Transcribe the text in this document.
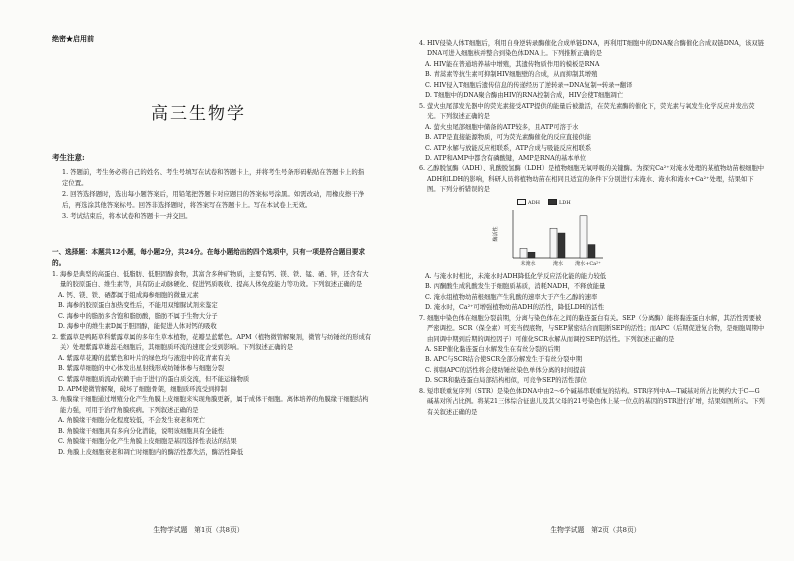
绝密★启用前
高三生物学
考生注意:

1. 答题前，考生务必将自己的姓名、考生号填写在试卷和答题卡上，并将考生号条形码粘贴在答题卡上的指定位置。

2. 回答选择题时，选出每小题答案后，用铅笔把答题卡对应题目的答案标号涂黑。如需改动，用橡皮擦干净后，再选涂其他答案标号。回答非选择题时，将答案写在答题卡上。写在本试卷上无效。

3. 考试结束后，将本试卷和答题卡一并交回。

一、选择题：本题共12小题，每小题2分，共24分。在每小题给出的四个选项中，只有一项是符合题目要求的。

1. 海参是典型的高蛋白、低脂肪、低胆固醇食物，其富含多种矿物质，主要有钙、镁、铁、锰、硒、锌，还含有大量的胶原蛋白、维生素等，具有防止动脉硬化、促进钙质吸收、提高人体免疫能力等功效。下列叙述正确的是

A. 钙、镁、铁、硒都属于组成海参细胞的微量元素

B. 海参的胶原蛋白加热变性后，不能用双缩脲试剂来鉴定

C. 海参中的脂肪多含饱和脂肪酸，脂肪不属于生物大分子

D. 海参中的维生素D属于胆固醇，能促进人体对钙的吸收

2. 紫露草是鸭跖草科紫露草属的多年生草本植物，花瓣呈蓝紫色。APM（植物微管解聚剂，微管与纺锤丝的形成有关）处理紫露草雄蕊毛细胞后，其细胞质环流的速度会受到影响。下列叙述正确的是

A. 紫露草花瓣的蓝紫色和叶片的绿色均与液泡中的花青素有关

B. 紫露草细胞的中心体发出星射线形成纺锤体参与细胞分裂

C. 紫露草细胞质流动依赖于由于进行的蛋白质交流，但不能运输物质

D. APM使微管解聚，破坏了细胞骨架，细胞质环流受到抑制

3. 角膜缘干细胞通过增殖分化产生角膜上皮细胞来实现角膜更新，属于成体干细胞。离体培养的角膜缘干细胞结构能力强，可用于治疗角膜疾病。下列叙述正确的是

A. 角膜缘干细胞分化程度较低，不会发生衰老和死亡

B. 角膜缘干细胞具有多向分化潜能，说明该细胞具有全能性

C. 角膜缘干细胞分化产生角膜上皮细胞是基因选择性表达的结果

D. 角膜上皮细胞衰老和凋亡时细胞内的酶活性都失活，酶活性降低

生物学试题　第1页（共8页）

4. HIV侵染人体T细胞后，利用自身逆转录酶催化合成单链DNA，再利用T细胞中的DNA聚合酶催化合成双链DNA，该双链DNA可进入细胞核并整合到染色体DNA上。下列推断正确的是

A. HIV能在普通培养基中增殖，其遗传物质作用的模板是RNA

B. 青蒿素等抗生素可抑制HIV细胞壁的合成，从而抑制其增殖

C. HIV侵入T细胞后遗传信息的传递经历了逆转录→DNA复制→转录→翻译

D. T细胞中的DNA聚合酶由HIV的RNA控制合成，HIV会使T细胞凋亡

5. 萤火虫尾部发光器中的荧光素接受ATP提供的能量后被激活，在荧光素酶的催化下，荧光素与氧发生化学反应并发出荧光。下列叙述正确的是

A. 萤火虫尾部细胞中储备的ATP较多，且ATP可溶于水

B. ATP是直接能源物质，可为荧光素酶催化的反应直接供能

C. ATP水解与放能反应相联系，ATP合成与吸能反应相联系

D. ATP和AMP中都含有磷酸键，AMP是RNA的基本单位

6. 乙醇脱氢酶（ADH）、乳酸脱氢酶（LDH）是植物细胞无氧呼吸的关键酶。为探究Ca²⁺对淹水处理的某植物幼苗根细胞中ADH和LDH的影响，科研人员将植物幼苗在相同且适宜的条件下分别进行未淹水、淹水和淹水+Ca²⁺处理，结果如下图。下列分析错误的是

酶活性
未淹水	淹水 淹水+Ca²⁺
ADH	LDH

A. 与淹水时相比，未淹水时ADH降低化学反应活化能的能力较低

B. 丙酮酸生成乳酸发生于细胞质基质，消耗NADH，不释放能量

C. 淹水组植物幼苗根细胞产生乳酸的速率大于产生乙醇的速率

D. 淹水时，Ca²⁺可增强植物幼苗ADH的活性，降低LDH的活性

7. 细胞中染色体在细胞分裂前期，分离与染色体在之间的黏连蛋白有关。SEP（分离酶）能将黏连蛋白水解，其活性需要被严密调控。SCR（保全素）可充当假底物，与SEP紧密结合而阻断SEP的活性；而APC（后期促进复合物，是细胞周期中由同调中期到后期的调控因子）可催化SCR水解从而调控SEP的活性。下列叙述正确的是

A. SEP催化黏连蛋白水解发生在有丝分裂的后期

B. APC与SCR结合使SCR全部分解发生于有丝分裂中期

C. 抑制APC的活性将会使纺锤丝染色单体分离的时间提前

D. SCR和黏连蛋白局部结构相似，可竞争SEP的活性部位

8. 短串联重复序列（STR）是染色体DNA中由2～6个碱基串联重复的结构。STR序列中A—T碱基对所占比例约大于C—G碱基对所占比例。将某21三体综合征患儿及其父母的21号染色体上某一位点的基因的STR进行扩增，结果如图所示。下列有关叙述正确的是

生物学试题　第2页（共8页）
